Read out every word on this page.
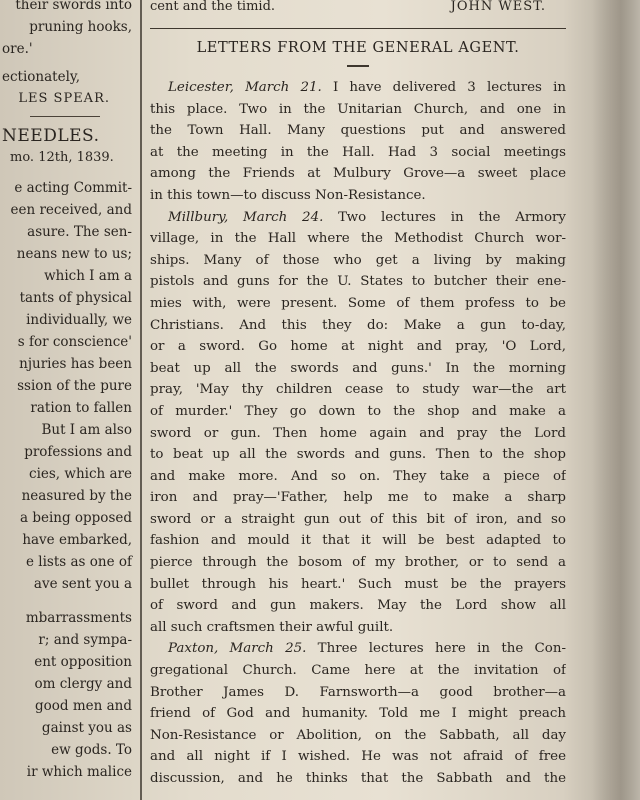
their swords into
pruning hooks,
ore.'
ectionately,
LES SPEAR.
NEEDLES.
mo. 12th, 1839.
e acting Commit-
een received, and
asure. The sen-
neans new to us;
which I am a
tants of physical
individually, we
s for conscience'
njuries has been
ssion of the pure
ration to fallen
But I am also
professions and
cies, which are
neasured by the
a being opposed
have embarked,
e lists as one of
ave sent you a
mbarrassments
r; and sympa-
ent opposition
om clergy and
good men and
gainst you as
ew gods. To
ir which malice
cent and the timid.	JOHN WEST.
LETTERS FROM THE GENERAL AGENT.
Leicester, March 21. I have delivered 3 lectures in
this place. Two in the Unitarian Church, and one in
the Town Hall. Many questions put and answered
at the meeting in the Hall. Had 3 social meetings
among the Friends at Mulbury Grove—a sweet place
in this town—to discuss Non-Resistance.
Millbury, March 24. Two lectures in the Armory
village, in the Hall where the Methodist Church wor-
ships. Many of those who get a living by making
pistols and guns for the U. States to butcher their ene-
mies with, were present. Some of them profess to be
Christians. And this they do: Make a gun to-day,
or a sword. Go home at night and pray, 'O Lord,
beat up all the swords and guns.' In the morning
pray, 'May thy children cease to study war—the art
of murder.' They go down to the shop and make a
sword or gun. Then home again and pray the Lord
to beat up all the swords and guns. Then to the shop
and make more. And so on. They take a piece of
iron and pray—'Father, help me to make a sharp
sword or a straight gun out of this bit of iron, and so
fashion and mould it that it will be best adapted to
pierce through the bosom of my brother, or to send a
bullet through his heart.' Such must be the prayers
of sword and gun makers. May the Lord show all
all such craftsmen their awful guilt.
Paxton, March 25. Three lectures here in the Con-
gregational Church. Came here at the invitation of
Brother James D. Farnsworth—a good brother—a
friend of God and humanity. Told me I might preach
Non-Resistance or Abolition, on the Sabbath, all day
and all night if I wished. He was not afraid of free
discussion, and he thinks that the Sabbath and the
